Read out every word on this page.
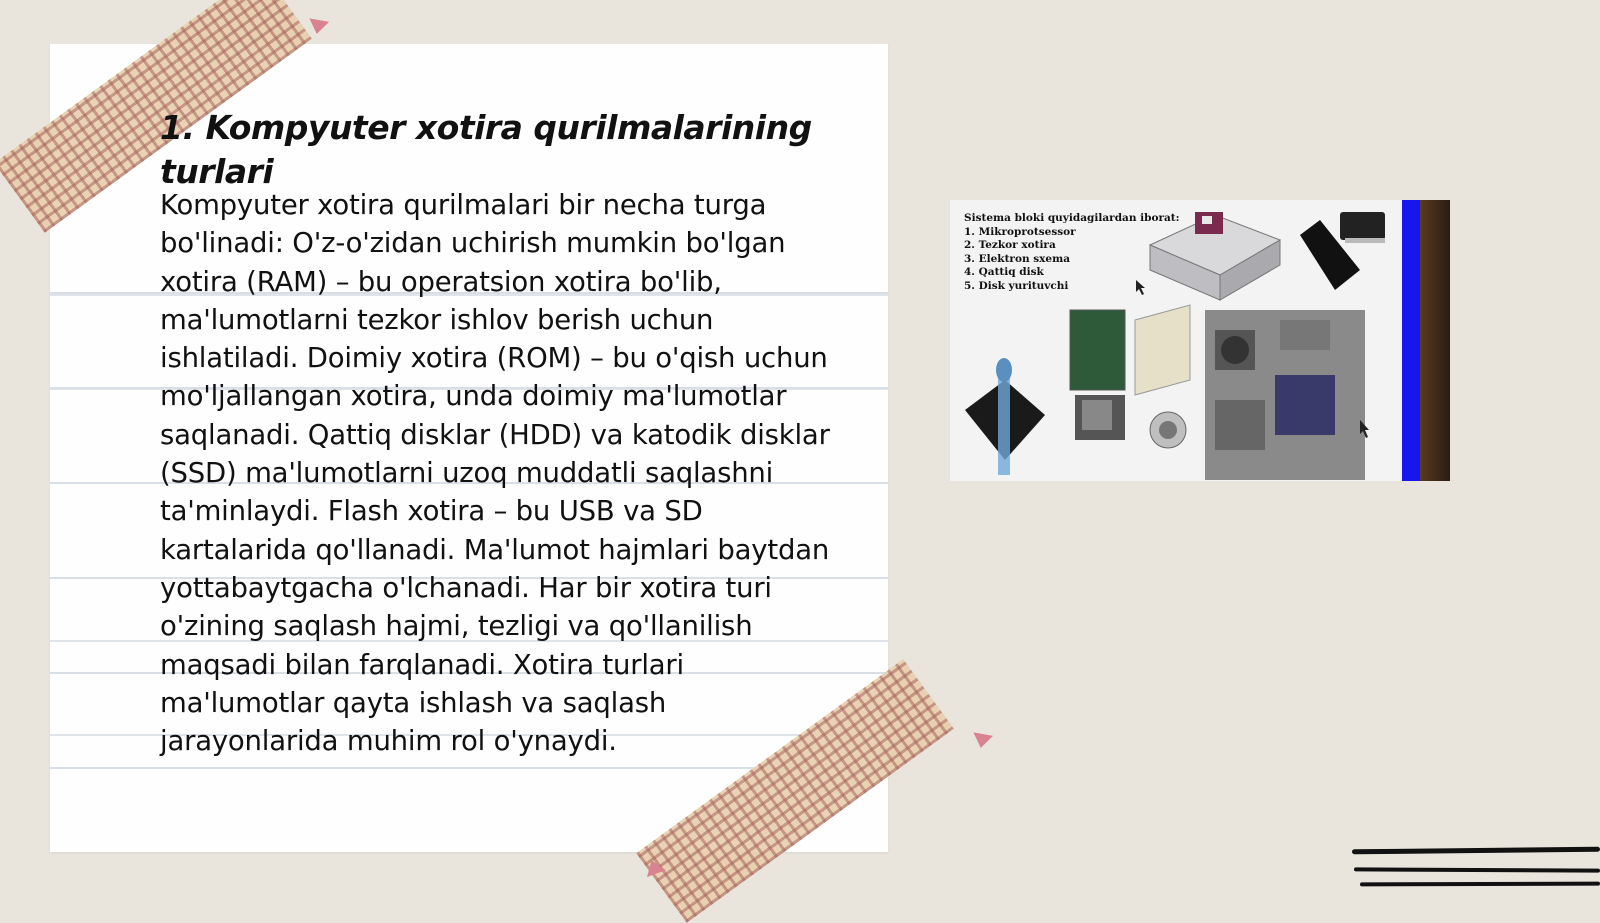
1. Kompyuter xotira qurilmalarining turlari

Kompyuter xotira qurilmalari bir necha turga bo'linadi: O'z-o'zidan uchirish mumkin bo'lgan xotira (RAM) – bu operatsion xotira bo'lib, ma'lumotlarni tezkor ishlov berish uchun ishlatiladi. Doimiy xotira (ROM) – bu o'qish uchun mo'ljallangan xotira, unda doimiy ma'lumotlar saqlanadi. Qattiq disklar (HDD) va katodik disklar (SSD) ma'lumotlarni uzoq muddatli saqlashni ta'minlaydi. Flash xotira – bu USB va SD kartalarida qo'llanadi. Ma'lumot hajmlari baytdan yottabaytgacha o'lchanadi. Har bir xotira turi o'zining saqlash hajmi, tezligi va qo'llanilish maqsadi bilan farqlanadi. Xotira turlari ma'lumotlar qayta ishlash va saqlash jarayonlarida muhim rol o'ynaydi.

Sistema bloki quyidagilardan iborat:
1. Mikroprotsessor
2. Tezkor xotira
3. Elektron sxema
4. Qattiq disk
5. Disk yurituvchi
